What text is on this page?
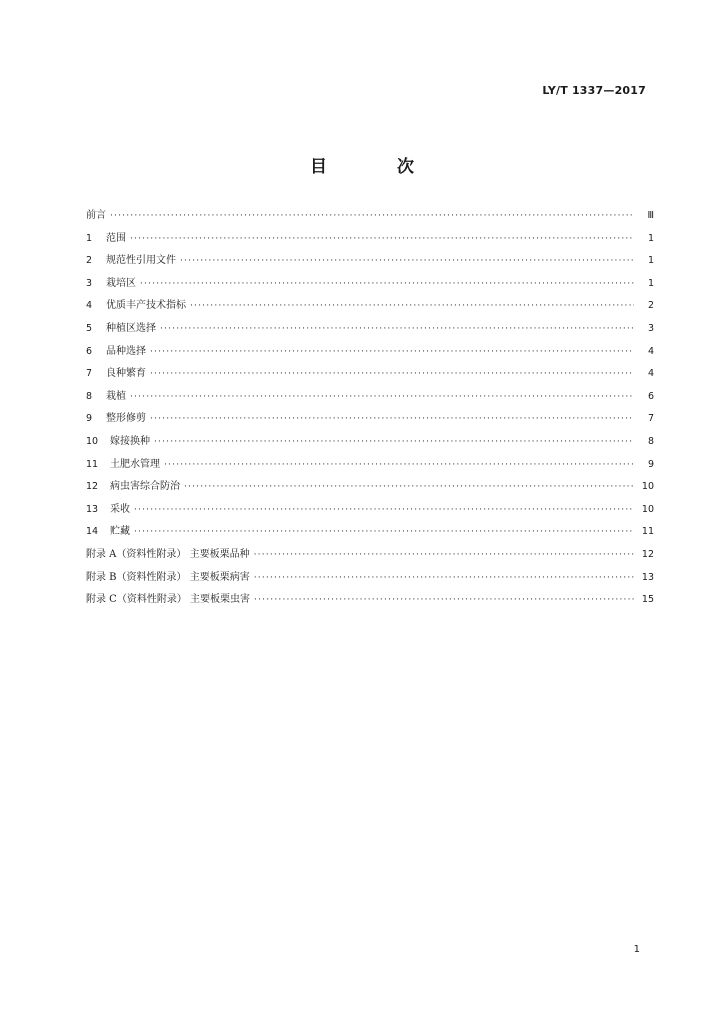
LY/T 1337—2017
目 次
前言 ·····	Ⅲ
1	范围 ·····	1
2	规范性引用文件 ·····	1
3	栽培区 ·····	1
4	优质丰产技术指标 ·····	2
5	种植区选择 ·····	3
6	品种选择 ·····	4
7	良种繁育 ·····	4
8	栽植 ·····	6
9	整形修剪 ·····	7
10	嫁接换种 ·····	8
11	土肥水管理 ·····	9
12	病虫害综合防治 ·····	10
13	采收 ·····	10
14	贮藏 ·····	11
附录 A（资料性附录） 主要板栗品种 ·····	12
附录 B（资料性附录） 主要板栗病害 ·····	13
附录 C（资料性附录） 主要板栗虫害 ·····	15
1
